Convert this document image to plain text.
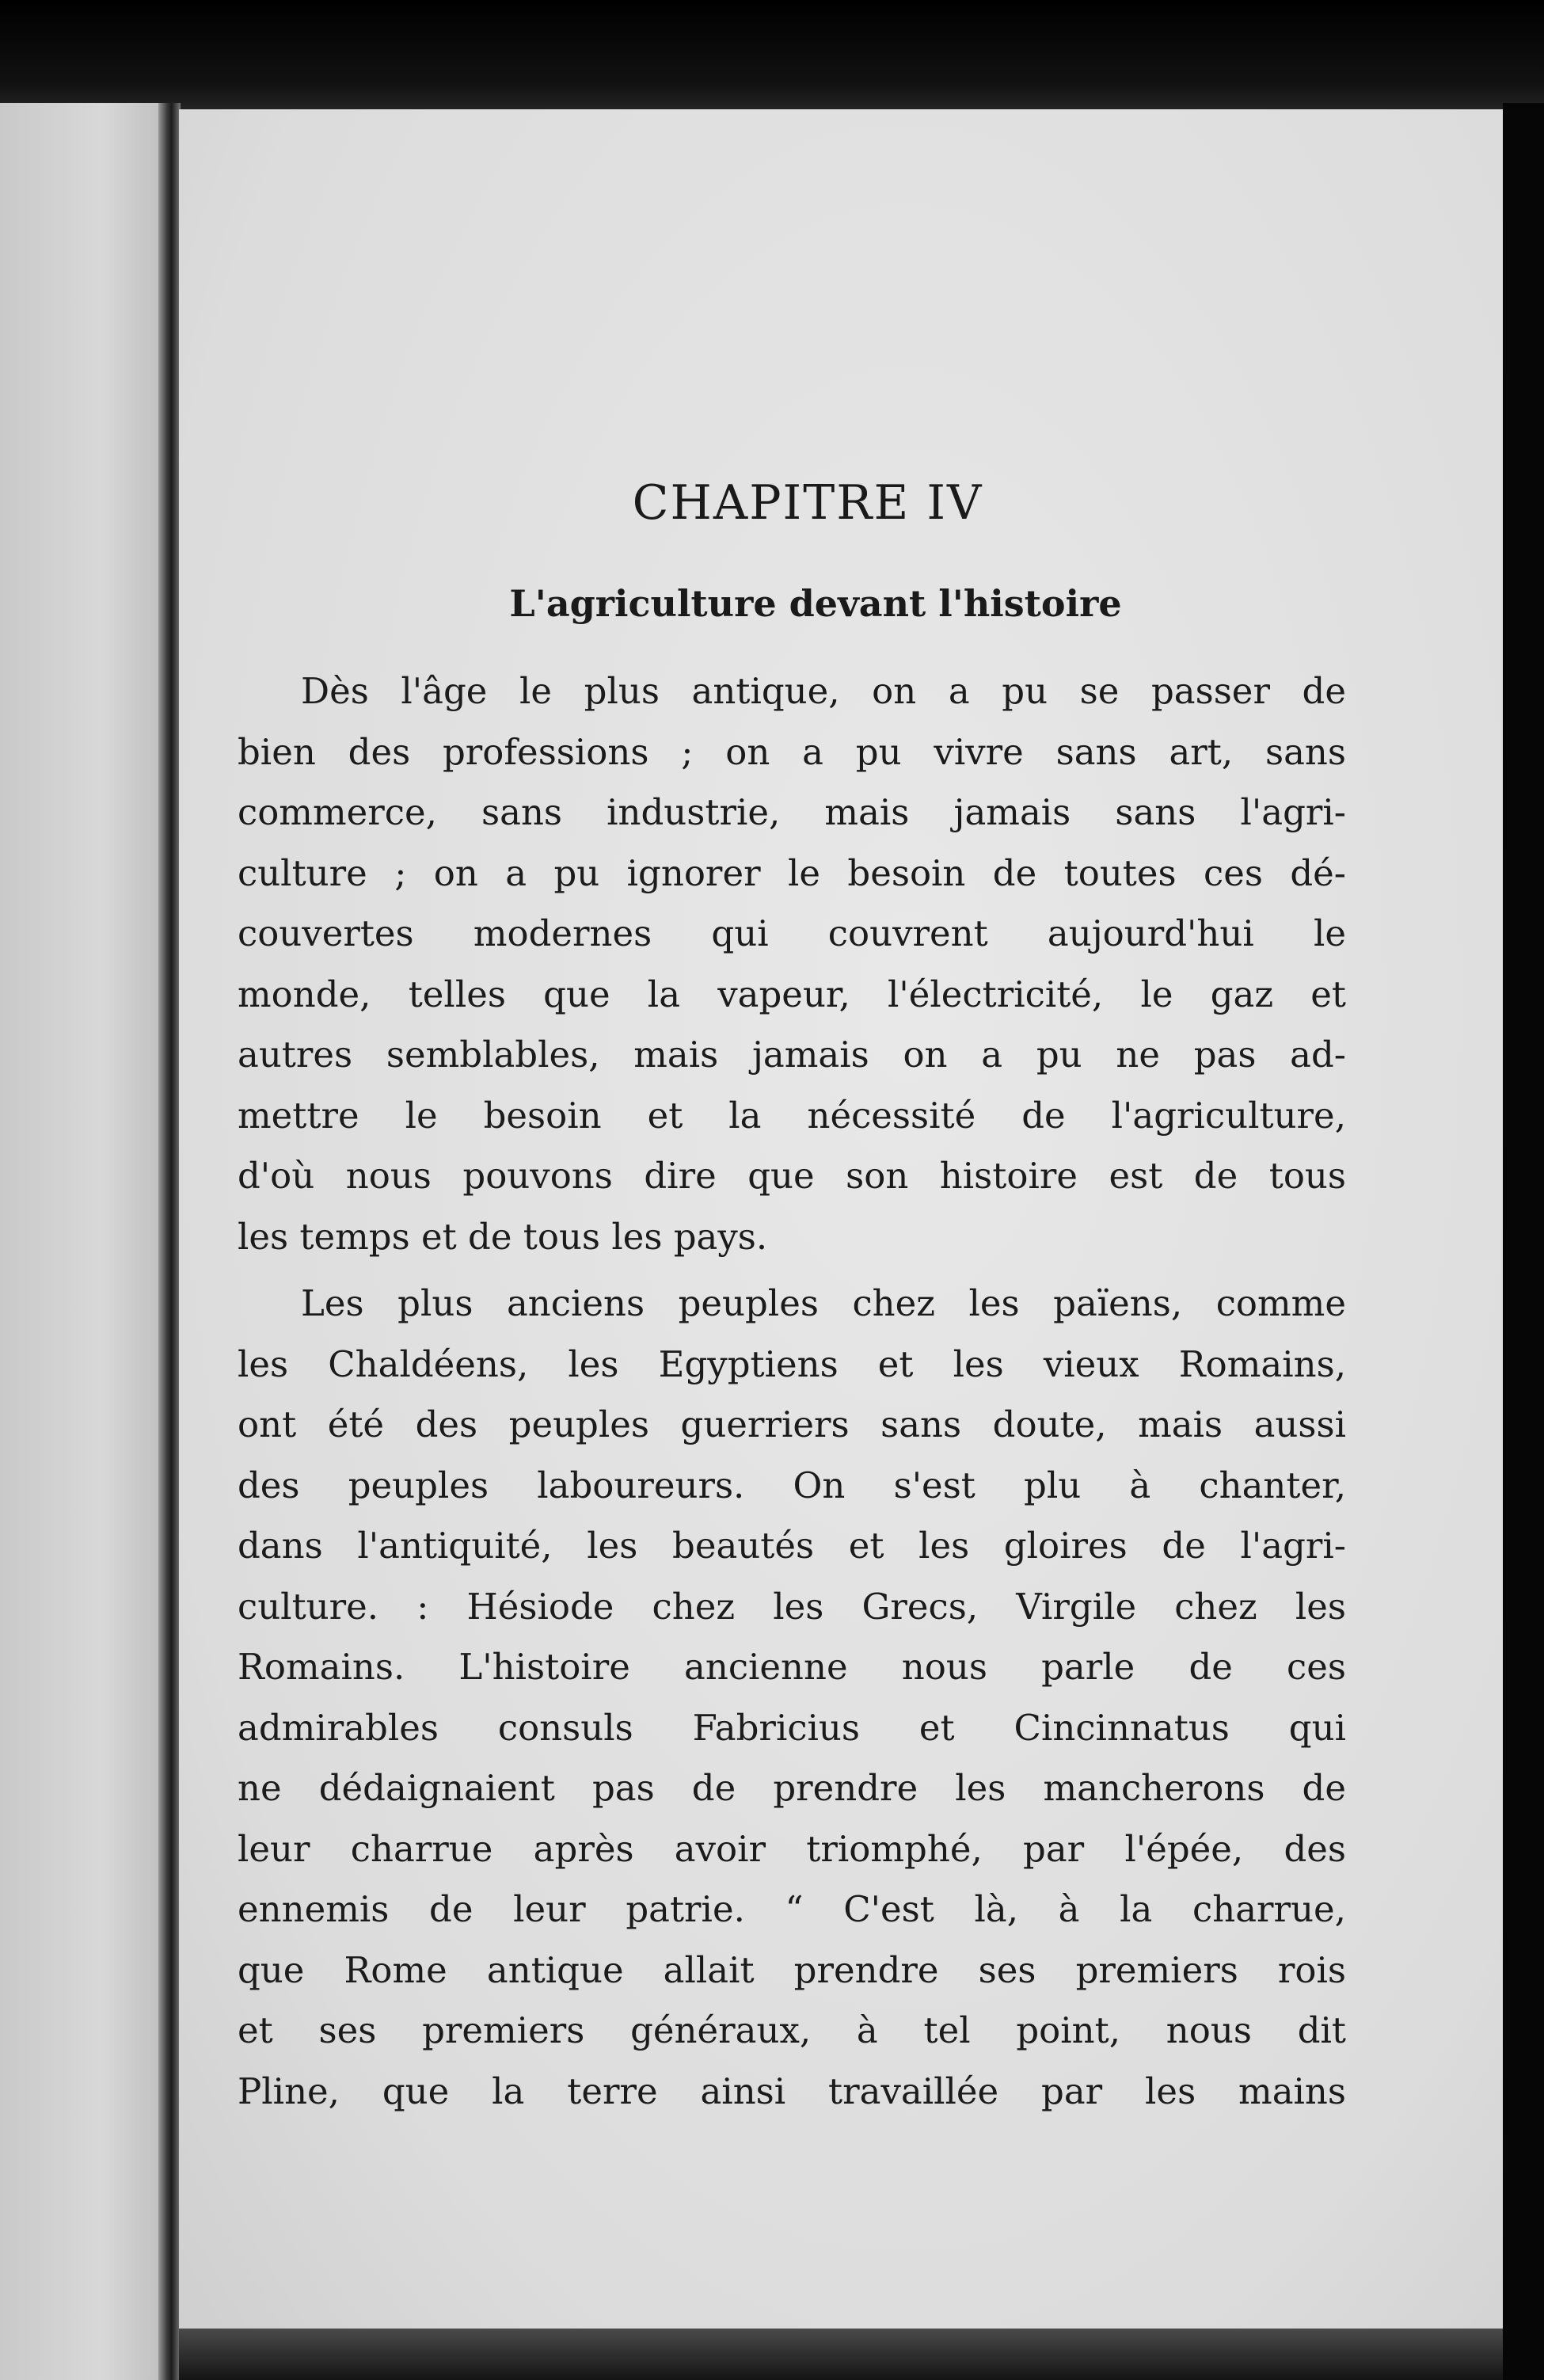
CHAPITRE IV
L'agriculture devant l'histoire
Dès l'âge le plus antique, on a pu se passer de
bien des professions ; on a pu vivre sans art, sans
commerce, sans industrie, mais jamais sans l'agri-
culture ; on a pu ignorer le besoin de toutes ces dé-
couvertes modernes qui couvrent aujourd'hui le
monde, telles que la vapeur, l'électricité, le gaz et
autres semblables, mais jamais on a pu ne pas ad-
mettre le besoin et la nécessité de l'agriculture,
d'où nous pouvons dire que son histoire est de tous
les temps et de tous les pays.
Les plus anciens peuples chez les païens, comme
les Chaldéens, les Egyptiens et les vieux Romains,
ont été des peuples guerriers sans doute, mais aussi
des peuples laboureurs. On s'est plu à chanter,
dans l'antiquité, les beautés et les gloires de l'agri-
culture. : Hésiode chez les Grecs, Virgile chez les
Romains. L'histoire ancienne nous parle de ces
admirables consuls Fabricius et Cincinnatus qui
ne dédaignaient pas de prendre les mancherons de
leur charrue après avoir triomphé, par l'épée, des
ennemis de leur patrie. “ C'est là, à la charrue,
que Rome antique allait prendre ses premiers rois
et ses premiers généraux, à tel point, nous dit
Pline, que la terre ainsi travaillée par les mains
